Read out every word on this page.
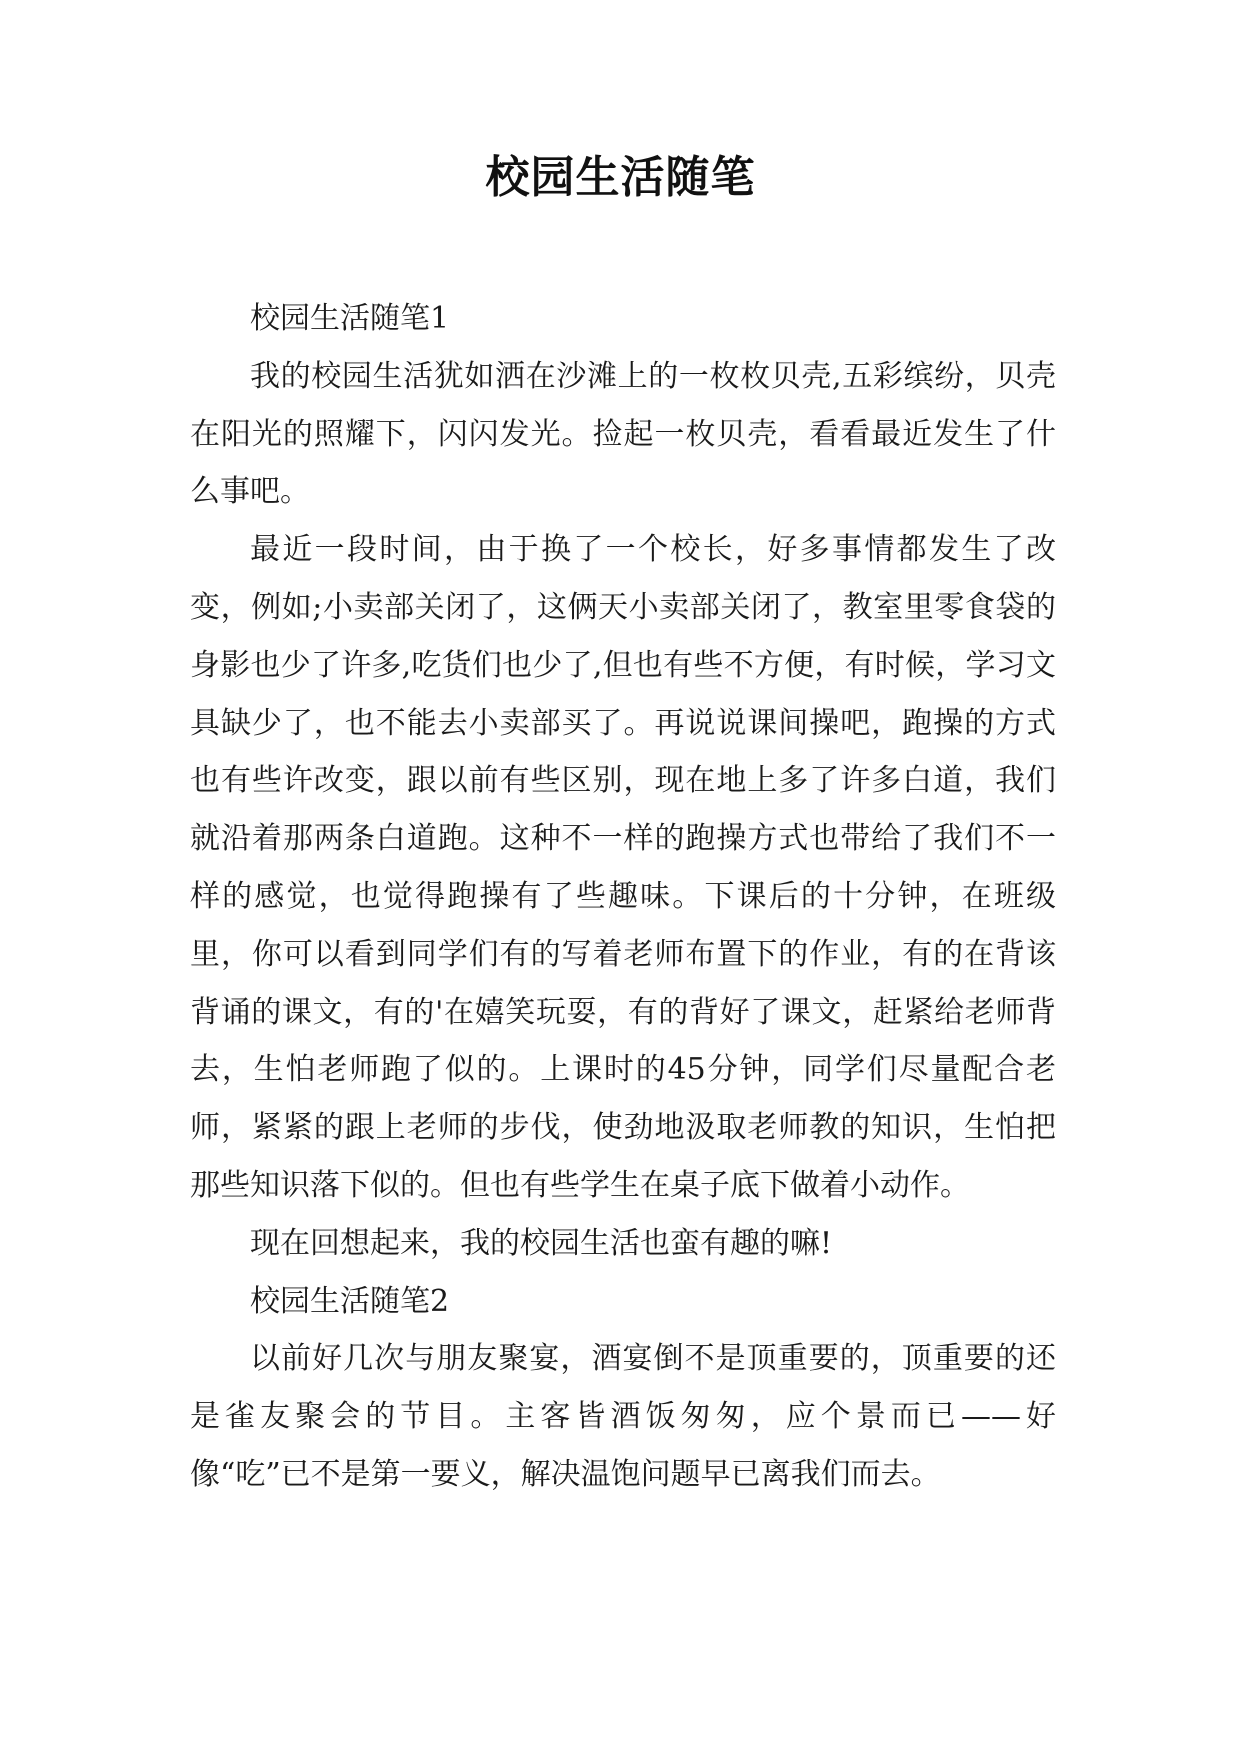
校园生活随笔

校园生活随笔1

我的校园生活犹如洒在沙滩上的一枚枚贝壳,五彩缤纷，贝壳在阳光的照耀下，闪闪发光。捡起一枚贝壳，看看最近发生了什么事吧。

最近一段时间，由于换了一个校长，好多事情都发生了改变，例如;小卖部关闭了，这俩天小卖部关闭了，教室里零食袋的身影也少了许多,吃货们也少了,但也有些不方便，有时候，学习文具缺少了，也不能去小卖部买了。再说说课间操吧，跑操的方式也有些许改变，跟以前有些区别，现在地上多了许多白道，我们就沿着那两条白道跑。这种不一样的跑操方式也带给了我们不一样的感觉，也觉得跑操有了些趣味。下课后的十分钟，在班级里，你可以看到同学们有的写着老师布置下的作业，有的在背该背诵的课文，有的'在嬉笑玩耍，有的背好了课文，赶紧给老师背去，生怕老师跑了似的。上课时的45分钟，同学们尽量配合老师，紧紧的跟上老师的步伐，使劲地汲取老师教的知识，生怕把那些知识落下似的。但也有些学生在桌子底下做着小动作。

现在回想起来，我的校园生活也蛮有趣的嘛!

校园生活随笔2

以前好几次与朋友聚宴，酒宴倒不是顶重要的，顶重要的还是雀友聚会的节目。主客皆酒饭匆匆，应个景而已——好像“吃”已不是第一要义，解决温饱问题早已离我们而去。
